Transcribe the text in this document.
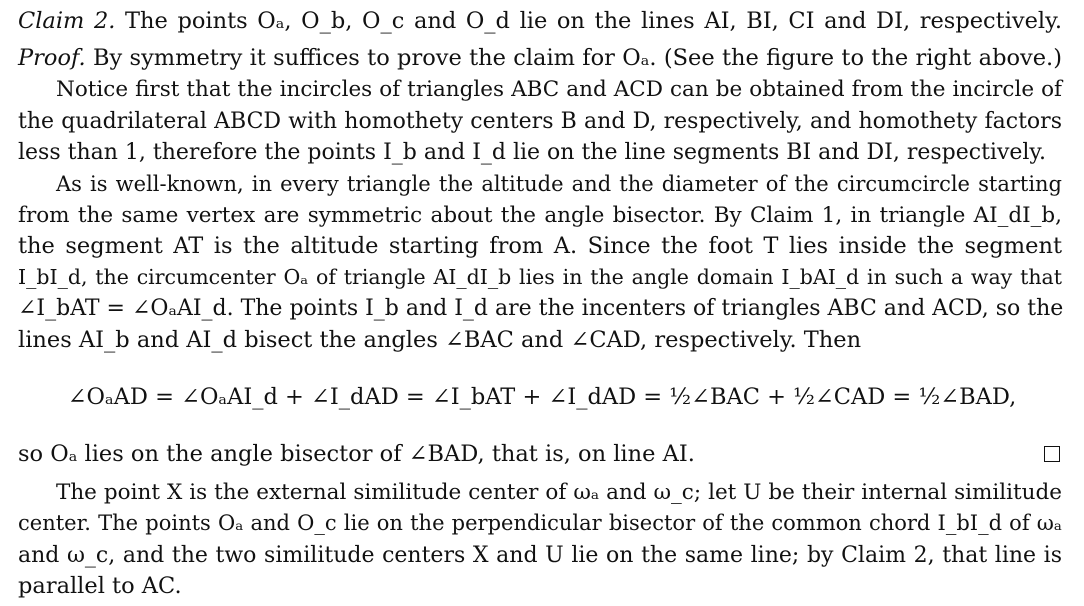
Claim 2. The points Oₐ, O_b, O_c and O_d lie on the lines AI, BI, CI and DI, respectively.
Proof. By symmetry it suffices to prove the claim for Oₐ. (See the figure to the right above.)
Notice first that the incircles of triangles ABC and ACD can be obtained from the incircle of
the quadrilateral ABCD with homothety centers B and D, respectively, and homothety factors
less than 1, therefore the points I_b and I_d lie on the line segments BI and DI, respectively.
As is well-known, in every triangle the altitude and the diameter of the circumcircle starting
from the same vertex are symmetric about the angle bisector. By Claim 1, in triangle AI_dI_b,
the segment AT is the altitude starting from A. Since the foot T lies inside the segment
I_bI_d, the circumcenter Oₐ of triangle AI_dI_b lies in the angle domain I_bAI_d in such a way that
∠I_bAT = ∠OₐAI_d. The points I_b and I_d are the incenters of triangles ABC and ACD, so the
lines AI_b and AI_d bisect the angles ∠BAC and ∠CAD, respectively. Then
∠OₐAD = ∠OₐAI_d + ∠I_dAD = ∠I_bAT + ∠I_dAD = ½∠BAC + ½∠CAD = ½∠BAD,
so Oₐ lies on the angle bisector of ∠BAD, that is, on line AI.
The point X is the external similitude center of ωₐ and ω_c; let U be their internal similitude
center. The points Oₐ and O_c lie on the perpendicular bisector of the common chord I_bI_d of ωₐ
and ω_c, and the two similitude centers X and U lie on the same line; by Claim 2, that line is
parallel to AC.
